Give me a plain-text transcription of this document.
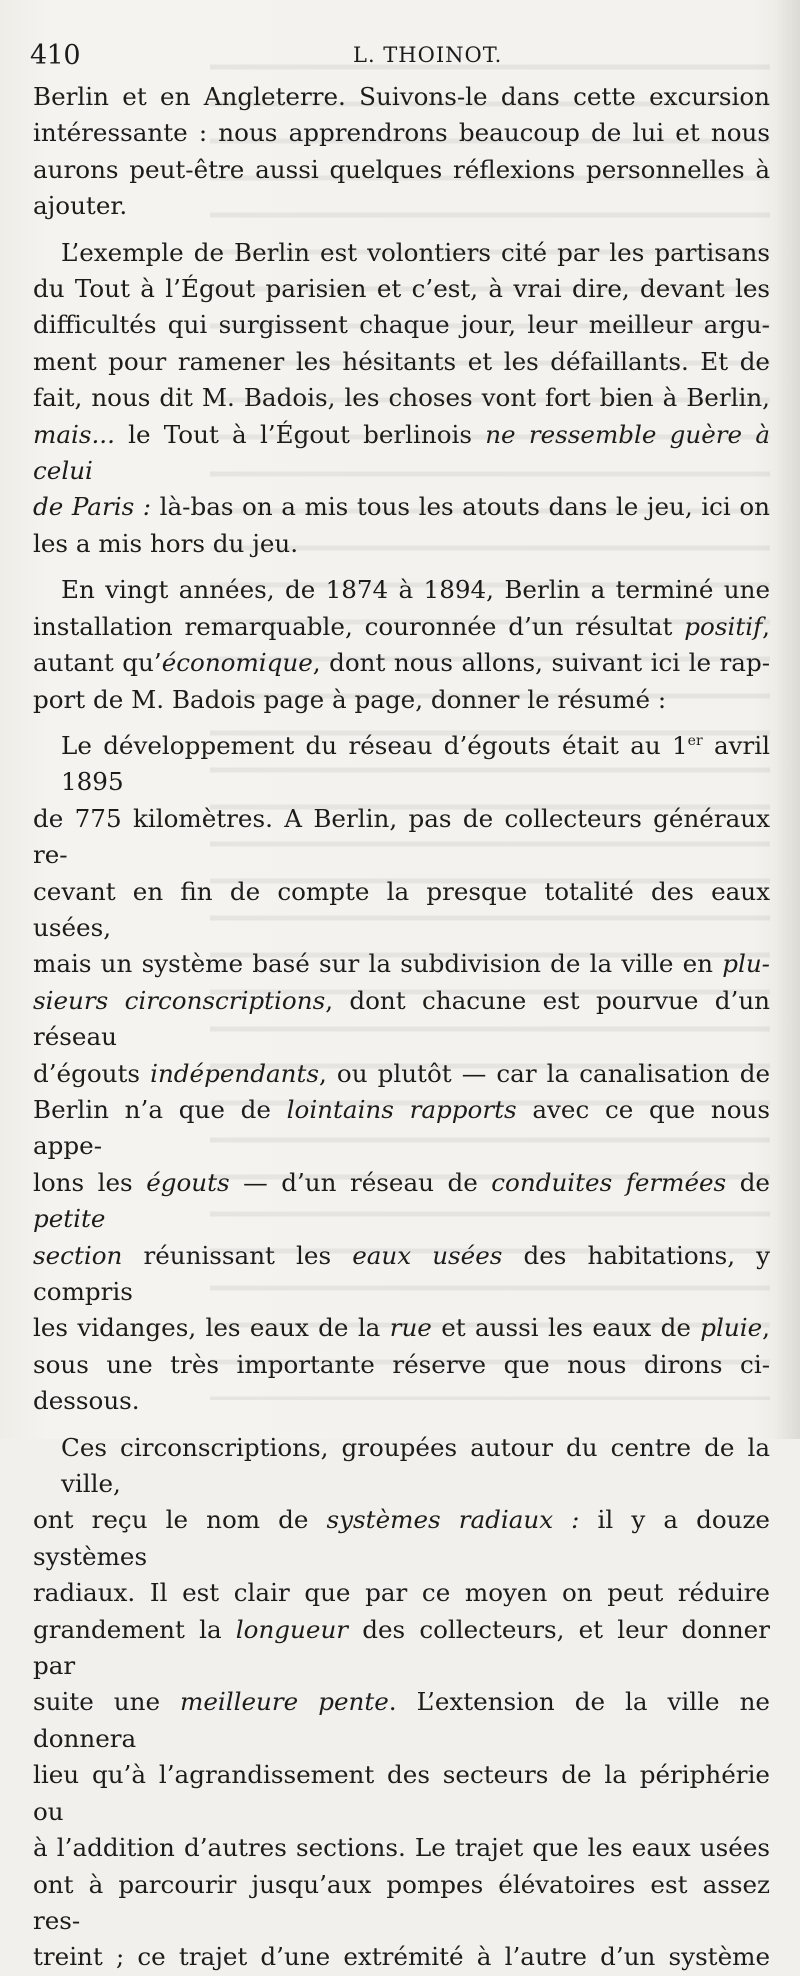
410	L. THOINOT.

Berlin et en Angleterre. Suivons-le dans cette excursion
intéressante : nous apprendrons beaucoup de lui et nous
aurons peut-être aussi quelques réflexions personnelles à
ajouter.

L’exemple de Berlin est volontiers cité par les partisans
du Tout à l’Égout parisien et c’est, à vrai dire, devant les
difficultés qui surgissent chaque jour, leur meilleur argu-
ment pour ramener les hésitants et les défaillants. Et de
fait, nous dit M. Badois, les choses vont fort bien à Berlin,
mais... le Tout à l’Égout berlinois ne ressemble guère à celui
de Paris : là-bas on a mis tous les atouts dans le jeu, ici on
les a mis hors du jeu.

En vingt années, de 1874 à 1894, Berlin a terminé une
installation remarquable, couronnée d’un résultat positif,
autant qu’économique, dont nous allons, suivant ici le rap-
port de M. Badois page à page, donner le résumé :

Le développement du réseau d’égouts était au 1er avril 1895
de 775 kilomètres. A Berlin, pas de collecteurs généraux re-
cevant en fin de compte la presque totalité des eaux usées,
mais un système basé sur la subdivision de la ville en plu-
sieurs circonscriptions, dont chacune est pourvue d’un réseau
d’égouts indépendants, ou plutôt — car la canalisation de
Berlin n’a que de lointains rapports avec ce que nous appe-
lons les égouts — d’un réseau de conduites fermées de petite
section réunissant les eaux usées des habitations, y compris
les vidanges, les eaux de la rue et aussi les eaux de pluie,
sous une très importante réserve que nous dirons ci-dessous.

Ces circonscriptions, groupées autour du centre de la ville,
ont reçu le nom de systèmes radiaux : il y a douze systèmes
radiaux. Il est clair que par ce moyen on peut réduire
grandement la longueur des collecteurs, et leur donner par
suite une meilleure pente. L’extension de la ville ne donnera
lieu qu’à l’agrandissement des secteurs de la périphérie ou
à l’addition d’autres sections. Le trajet que les eaux usées
ont à parcourir jusqu’aux pompes élévatoires est assez res-
treint ; ce trajet d’une extrémité à l’autre d’un système
